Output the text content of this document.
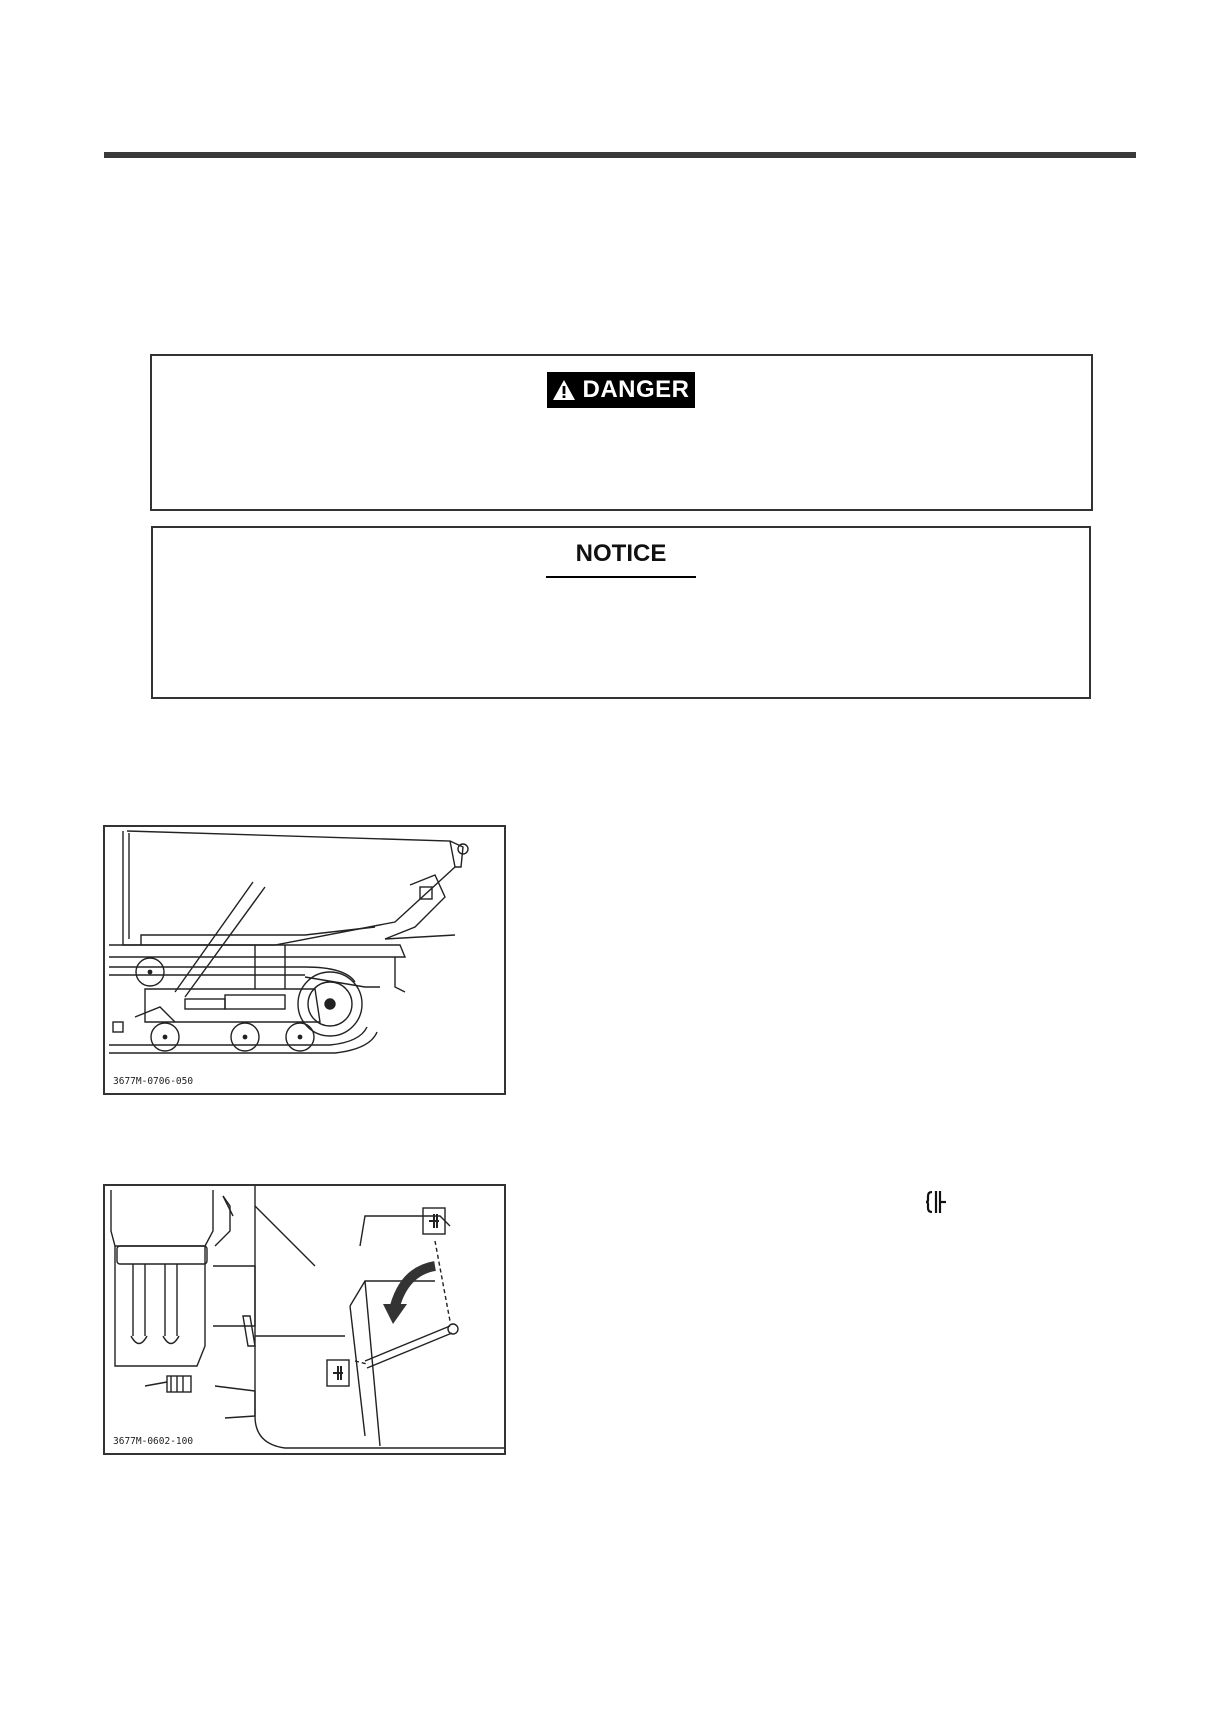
DANGER
NOTICE
3677M-0706-050
3677M-0602-100
